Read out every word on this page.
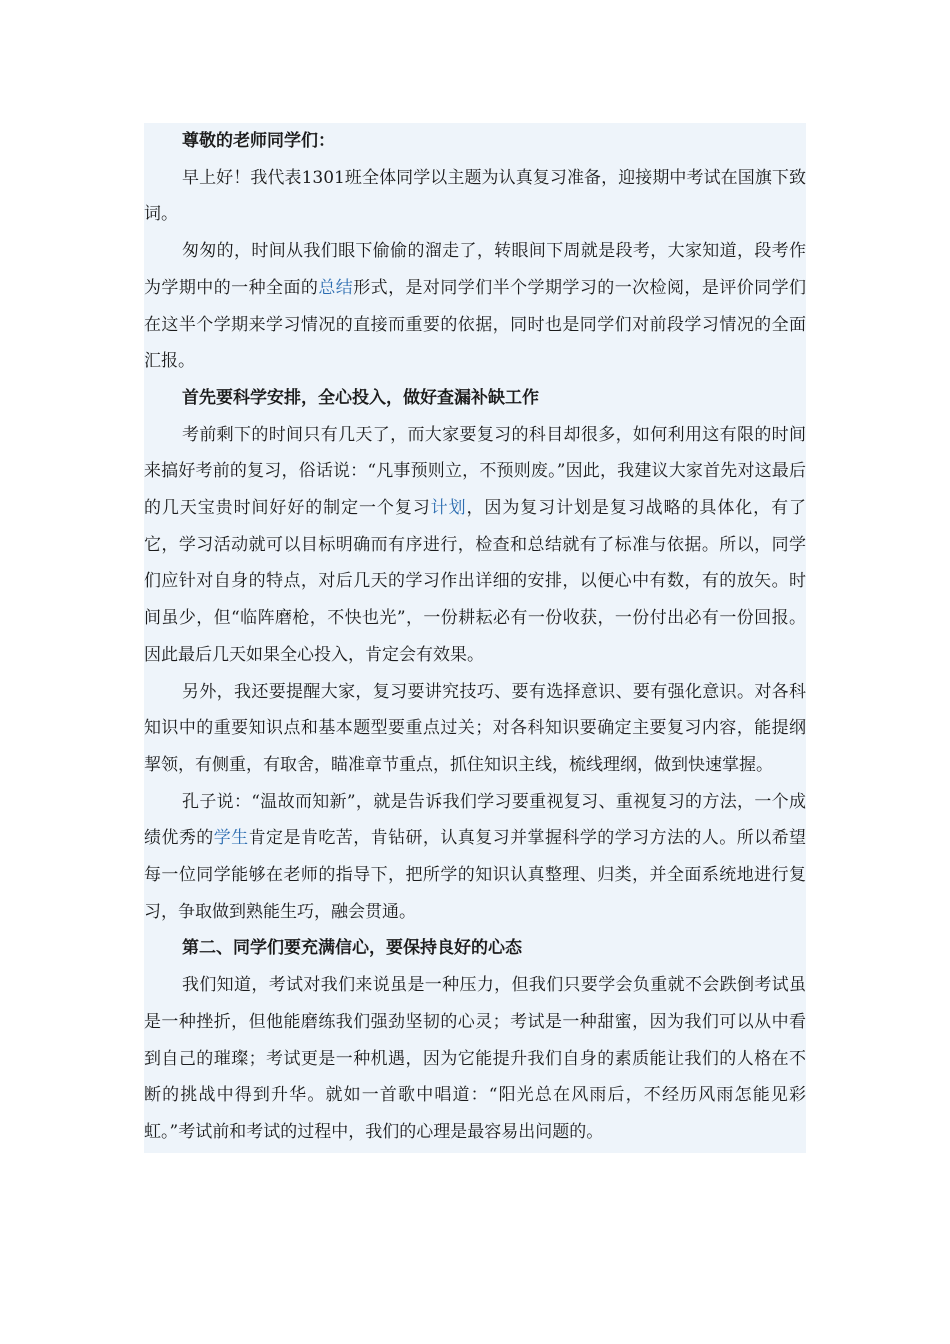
尊敬的老师同学们：

早上好！我代表1301班全体同学以主题为认真复习准备，迎接期中考试在国旗下致词。

匆匆的，时间从我们眼下偷偷的溜走了，转眼间下周就是段考，大家知道，段考作为学期中的一种全面的总结形式，是对同学们半个学期学习的一次检阅，是评价同学们在这半个学期来学习情况的直接而重要的依据，同时也是同学们对前段学习情况的全面汇报。

首先要科学安排，全心投入，做好查漏补缺工作

考前剩下的时间只有几天了，而大家要复习的科目却很多，如何利用这有限的时间来搞好考前的复习，俗话说：“凡事预则立，不预则废。”因此，我建议大家首先对这最后的几天宝贵时间好好的制定一个复习计划，因为复习计划是复习战略的具体化，有了它，学习活动就可以目标明确而有序进行，检查和总结就有了标准与依据。所以，同学们应针对自身的特点，对后几天的学习作出详细的安排，以便心中有数，有的放矢。时间虽少，但“临阵磨枪，不快也光”，一份耕耘必有一份收获，一份付出必有一份回报。因此最后几天如果全心投入，肯定会有效果。

另外，我还要提醒大家，复习要讲究技巧、要有选择意识、要有强化意识。对各科知识中的重要知识点和基本题型要重点过关；对各科知识要确定主要复习内容，能提纲挈领，有侧重，有取舍，瞄准章节重点，抓住知识主线，梳线理纲，做到快速掌握。

孔子说：“温故而知新”，就是告诉我们学习要重视复习、重视复习的方法，一个成绩优秀的学生肯定是肯吃苦，肯钻研，认真复习并掌握科学的学习方法的人。所以希望每一位同学能够在老师的指导下，把所学的知识认真整理、归类，并全面系统地进行复习，争取做到熟能生巧，融会贯通。

第二、同学们要充满信心，要保持良好的心态

我们知道，考试对我们来说虽是一种压力，但我们只要学会负重就不会跌倒考试虽是一种挫折，但他能磨练我们强劲坚韧的心灵；考试是一种甜蜜，因为我们可以从中看到自己的璀璨；考试更是一种机遇，因为它能提升我们自身的素质能让我们的人格在不断的挑战中得到升华。就如一首歌中唱道：“阳光总在风雨后，不经历风雨怎能见彩虹。”考试前和考试的过程中，我们的心理是最容易出问题的。
